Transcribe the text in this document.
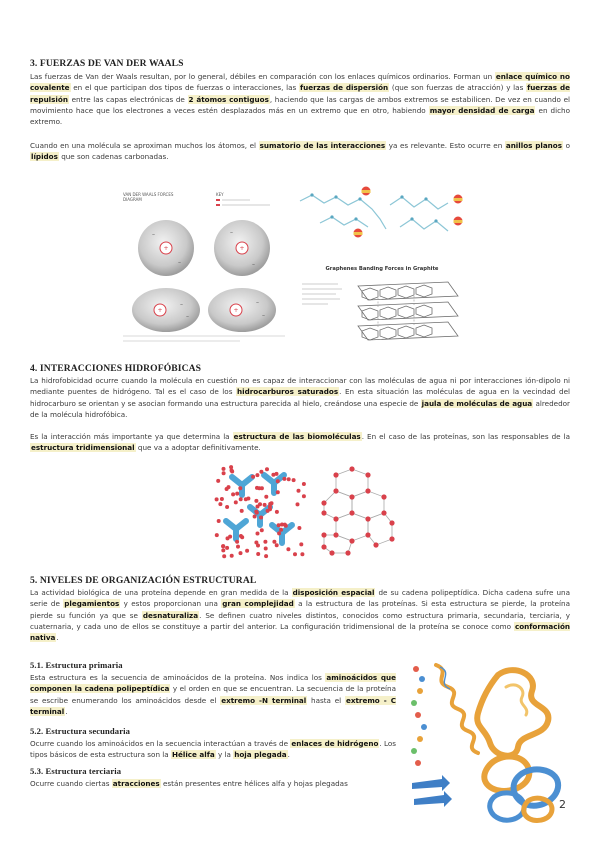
3. FUERZAS DE VAN DER WAALS

Las fuerzas de Van der Waals resultan, por lo general, débiles en comparación con los enlaces químicos ordinarios. Forman un enlace químico no covalente en el que participan dos tipos de fuerzas o interacciones, las fuerzas de dispersión (que son fuerzas de atracción) y las fuerzas de repulsión entre las capas electrónicas de 2 átomos contiguos, haciendo que las cargas de ambos extremos se estabilicen. De vez en cuando el movimiento hace que los electrones a veces estén desplazados más en un extremo que en otro, habiendo mayor densidad de carga en dicho extremo.

Cuando en una molécula se aproximan muchos los átomos, el sumatorio de las interacciones ya es relevante. Esto ocurre en anillos planos o lípidos que son cadenas carbonadas.

VAN DER WAALS FORCES
DIAGRAM
KEY
+	+
–
–
–
–
+	+
–
–
–
–
Graphenes Banding Forces in Graphite
4. INTERACCIONES HIDROFÓBICAS

La hidrofobicidad ocurre cuando la molécula en cuestión no es capaz de interaccionar con las moléculas de agua ni por interacciones ión-dipolo ni mediante puentes de hidrógeno. Tal es el caso de los hidrocarburos saturados. En esta situación las moléculas de agua en la vecindad del hidrocarburo se orientan y se asocian formando una estructura parecida al hielo, creándose una especie de jaula de moléculas de agua alrededor de la molécula hidrofóbica.

Es la interacción más importante ya que determina la estructura de las biomoléculas. En el caso de las proteínas, son las responsables de la estructura tridimensional que va a adoptar definitivamente.

5. NIVELES DE ORGANIZACIÓN ESTRUCTURAL

La actividad biológica de una proteína depende en gran medida de la disposición espacial de su cadena polipeptídica. Dicha cadena sufre una serie de plegamientos y estos proporcionan una gran complejidad a la estructura de las proteínas. Si esta estructura se pierde, la proteína pierde su función ya que se desnaturaliza. Se definen cuatro niveles distintos, conocidos como estructura primaria, secundaria, terciaria, y cuaternaria, y cada uno de ellos se constituye a partir del anterior. La configuración tridimensional de la proteína se conoce como conformación nativa.

5.1. Estructura primaria

Esta estructura es la secuencia de aminoácidos de la proteína. Nos indica los aminoácidos que componen la cadena polipeptídica y el orden en que se encuentran. La secuencia de la proteína se escribe enumerando los aminoácidos desde el extremo -N terminal hasta el extremo - C terminal.

5.2. Estructura secundaria

Ocurre cuando los aminoácidos en la secuencia interactúan a través de enlaces de hidrógeno. Los tipos básicos de esta estructura son la Hélice alfa y la hoja plegada.

5.3. Estructura terciaria

Ocurre cuando ciertas atracciones están presentes entre hélices alfa y hojas plegadas

2
